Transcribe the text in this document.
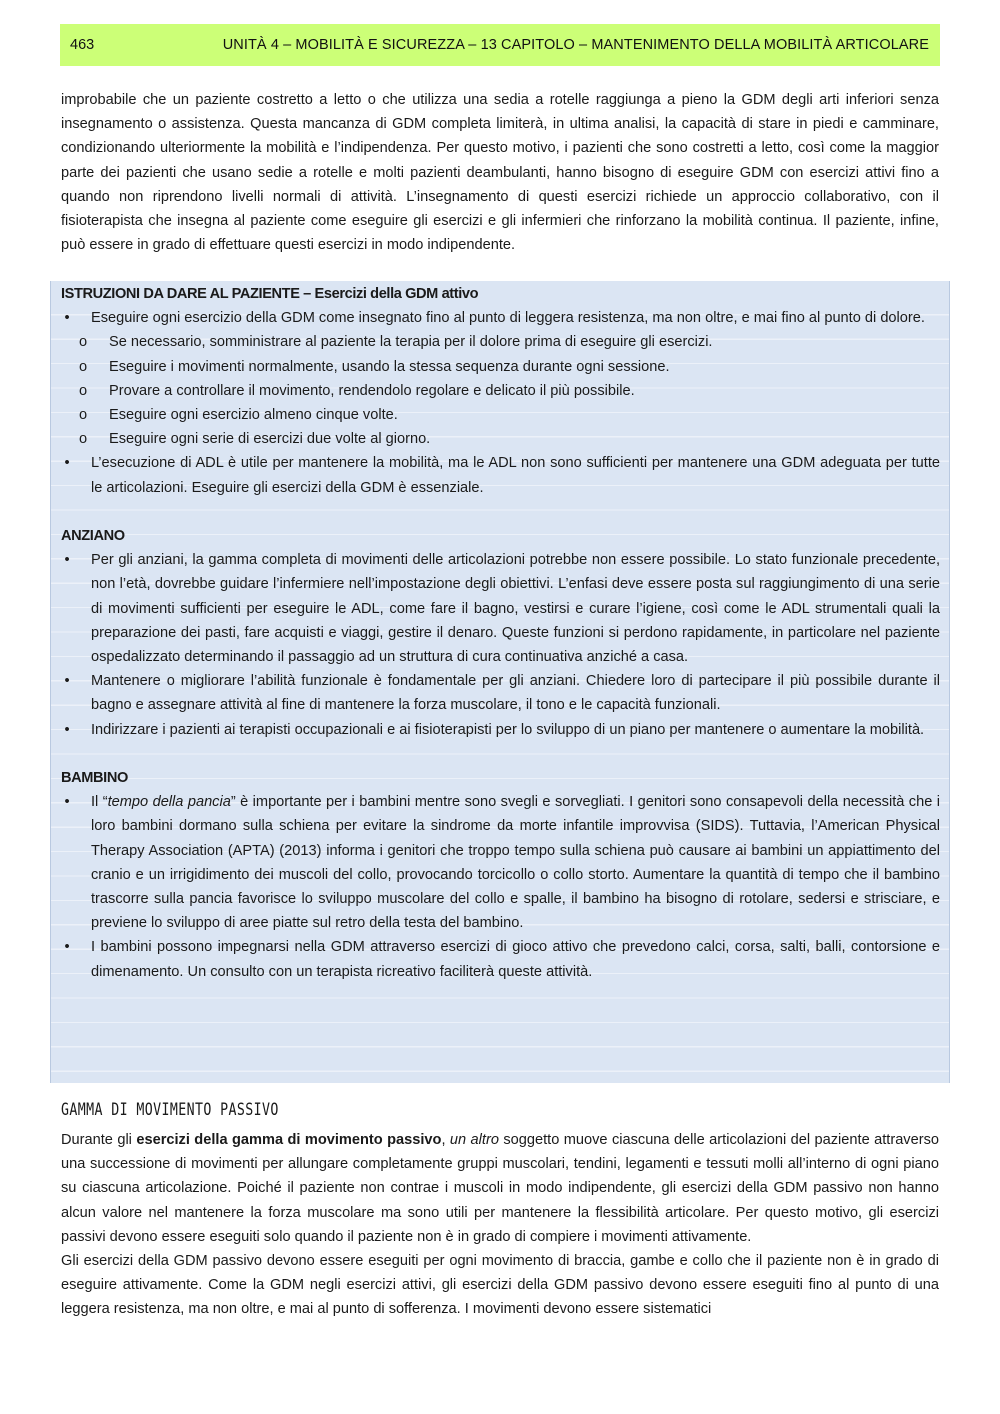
463	UNITÀ 4 – MOBILITÀ E SICUREZZA – 13 CAPITOLO – MANTENIMENTO DELLA MOBILITÀ ARTICOLARE
improbabile che un paziente costretto a letto o che utilizza una sedia a rotelle raggiunga a pieno la GDM degli arti inferiori senza insegnamento o assistenza. Questa mancanza di GDM completa limiterà, in ultima analisi, la capacità di stare in piedi e camminare, condizionando ulteriormente la mobilità e l’indipendenza. Per questo motivo, i pazienti che sono costretti a letto, così come la maggior parte dei pazienti che usano sedie a rotelle e molti pazienti deambulanti, hanno bisogno di eseguire GDM con esercizi attivi fino a quando non riprendono livelli normali di attività. L’insegnamento di questi esercizi richiede un approccio collaborativo, con il fisioterapista che insegna al paziente come eseguire gli esercizi e gli infermieri che rinforzano la mobilità continua. Il paziente, infine, può essere in grado di effettuare questi esercizi in modo indipendente.
ISTRUZIONI DA DARE AL PAZIENTE – Esercizi della GDM attivo
• Eseguire ogni esercizio della GDM come insegnato fino al punto di leggera resistenza, ma non oltre, e mai fino al punto di dolore.
o Se necessario, somministrare al paziente la terapia per il dolore prima di eseguire gli esercizi.
o Eseguire i movimenti normalmente, usando la stessa sequenza durante ogni sessione.
o Provare a controllare il movimento, rendendolo regolare e delicato il più possibile.
o Eseguire ogni esercizio almeno cinque volte.
o Eseguire ogni serie di esercizi due volte al giorno.
• L’esecuzione di ADL è utile per mantenere la mobilità, ma le ADL non sono sufficienti per mantenere una GDM adeguata per tutte le articolazioni. Eseguire gli esercizi della GDM è essenziale.
ANZIANO
• Per gli anziani, la gamma completa di movimenti delle articolazioni potrebbe non essere possibile. Lo stato funzionale precedente, non l’età, dovrebbe guidare l’infermiere nell’impostazione degli obiettivi. L’enfasi deve essere posta sul raggiungimento di una serie di movimenti sufficienti per eseguire le ADL, come fare il bagno, vestirsi e curare l’igiene, così come le ADL strumentali quali la preparazione dei pasti, fare acquisti e viaggi, gestire il denaro. Queste funzioni si perdono rapidamente, in particolare nel paziente ospedalizzato determinando il passaggio ad un struttura di cura continuativa anziché a casa.
• Mantenere o migliorare l’abilità funzionale è fondamentale per gli anziani. Chiedere loro di partecipare il più possibile durante il bagno e assegnare attività al fine di mantenere la forza muscolare, il tono e le capacità funzionali.
• Indirizzare i pazienti ai terapisti occupazionali e ai fisioterapisti per lo sviluppo di un piano per mantenere o aumentare la mobilità.
BAMBINO
• Il “tempo della pancia” è importante per i bambini mentre sono svegli e sorvegliati. I genitori sono consapevoli della necessità che i loro bambini dormano sulla schiena per evitare la sindrome da morte infantile improvvisa (SIDS). Tuttavia, l’American Physical Therapy Association (APTA) (2013) informa i genitori che troppo tempo sulla schiena può causare ai bambini un appiattimento del cranio e un irrigidimento dei muscoli del collo, provocando torcicollo o collo storto. Aumentare la quantità di tempo che il bambino trascorre sulla pancia favorisce lo sviluppo muscolare del collo e spalle, il bambino ha bisogno di rotolare, sedersi e strisciare, e previene lo sviluppo di aree piatte sul retro della testa del bambino.
• I bambini possono impegnarsi nella GDM attraverso esercizi di gioco attivo che prevedono calci, corsa, salti, balli, contorsione e dimenamento. Un consulto con un terapista ricreativo faciliterà queste attività.
GAMMA DI MOVIMENTO PASSIVO
Durante gli esercizi della gamma di movimento passivo, un altro soggetto muove ciascuna delle articolazioni del paziente attraverso una successione di movimenti per allungare completamente gruppi muscolari, tendini, legamenti e tessuti molli all’interno di ogni piano su ciascuna articolazione. Poiché il paziente non contrae i muscoli in modo indipendente, gli esercizi della GDM passivo non hanno alcun valore nel mantenere la forza muscolare ma sono utili per mantenere la flessibilità articolare. Per questo motivo, gli esercizi passivi devono essere eseguiti solo quando il paziente non è in grado di compiere i movimenti attivamente.
Gli esercizi della GDM passivo devono essere eseguiti per ogni movimento di braccia, gambe e collo che il paziente non è in grado di eseguire attivamente. Come la GDM negli esercizi attivi, gli esercizi della GDM passivo devono essere eseguiti fino al punto di una leggera resistenza, ma non oltre, e mai al punto di sofferenza. I movimenti devono essere sistematici
